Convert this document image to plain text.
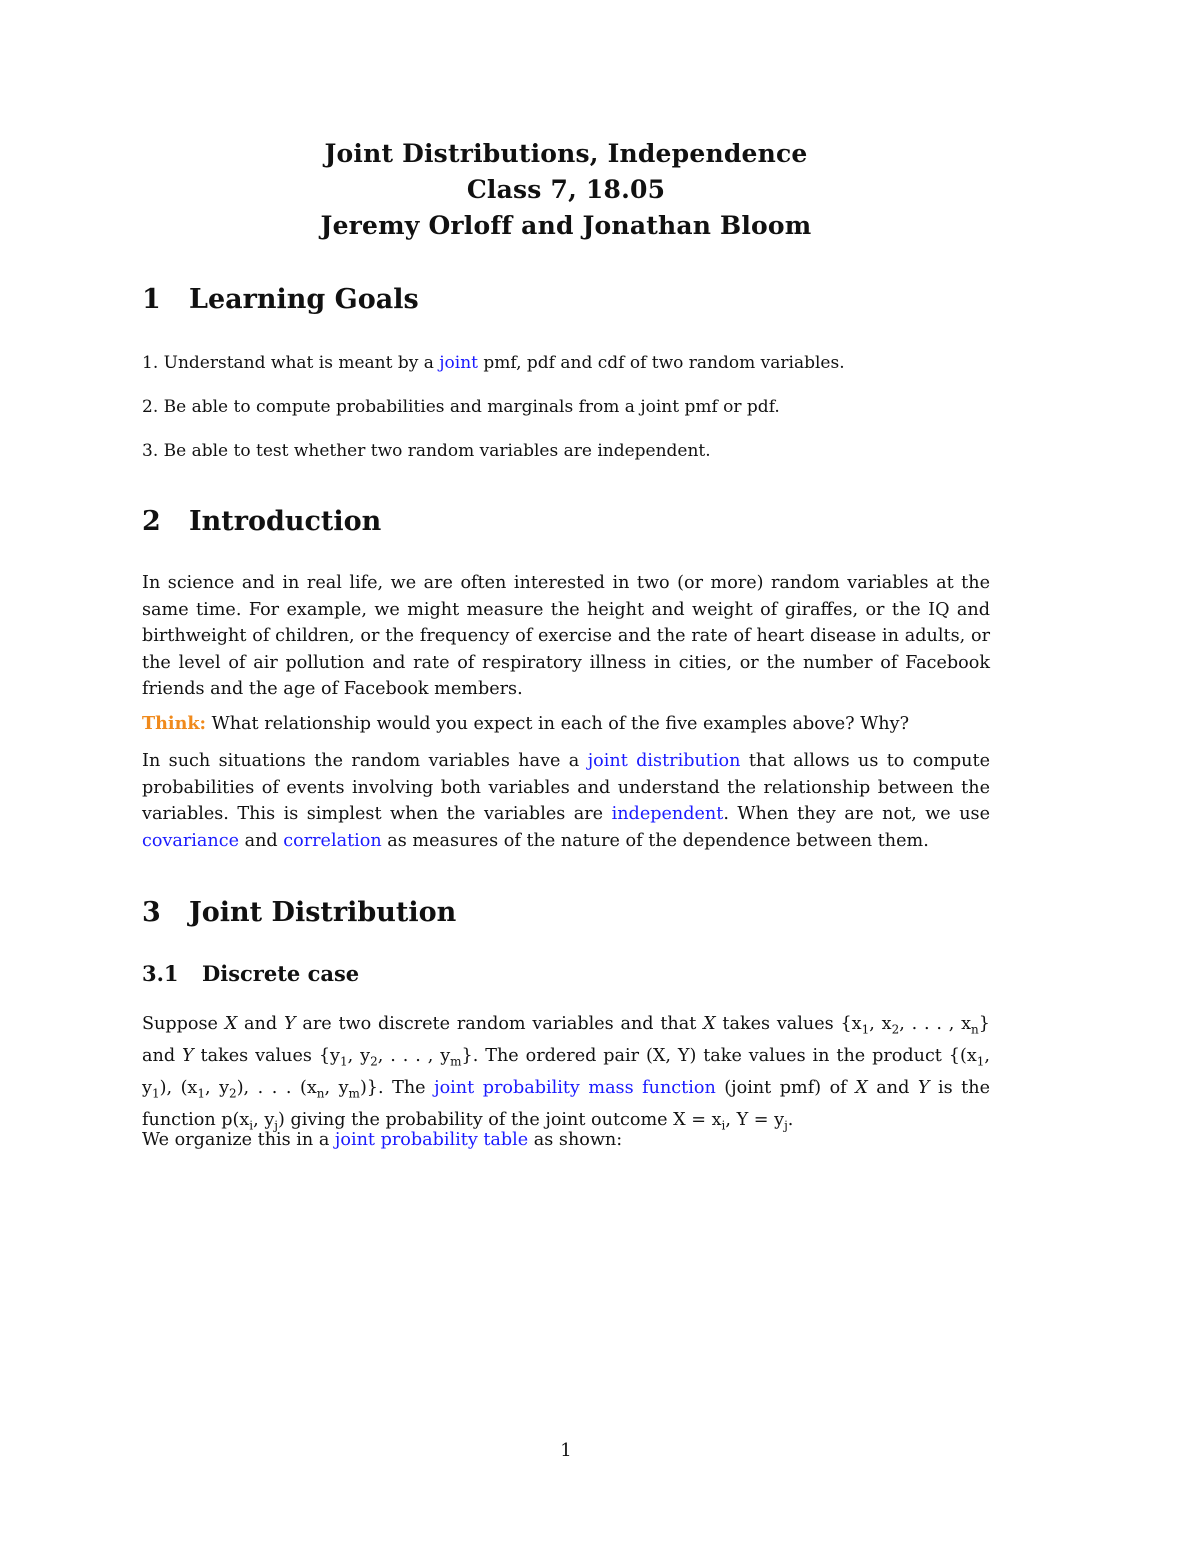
Joint Distributions, Independence
Class 7, 18.05
Jeremy Orloff and Jonathan Bloom
1 Learning Goals
1. Understand what is meant by a joint pmf, pdf and cdf of two random variables.
2. Be able to compute probabilities and marginals from a joint pmf or pdf.
3. Be able to test whether two random variables are independent.
2 Introduction
In science and in real life, we are often interested in two (or more) random variables at the same time. For example, we might measure the height and weight of giraffes, or the IQ and birthweight of children, or the frequency of exercise and the rate of heart disease in adults, or the level of air pollution and rate of respiratory illness in cities, or the number of Facebook friends and the age of Facebook members.
Think: What relationship would you expect in each of the five examples above? Why?
In such situations the random variables have a joint distribution that allows us to compute probabilities of events involving both variables and understand the relationship between the variables. This is simplest when the variables are independent. When they are not, we use covariance and correlation as measures of the nature of the dependence between them.
3 Joint Distribution
3.1 Discrete case
Suppose X and Y are two discrete random variables and that X takes values {$x_1$, $x_2$, . . . , $x_n$} and Y takes values {$y_1$, $y_2$, . . . , $y_m$}. The ordered pair (X, Y) take values in the product {($x_1$, $y_1$), ($x_1$, $y_2$), . . . ($x_n$, $y_m$)}. The joint probability mass function (joint pmf) of X and Y is the function $p(x_i$, $y_j$) giving the probability of the joint outcome $X = x_i$, $Y = y_j$.
We organize this in a joint probability table as shown:
1
